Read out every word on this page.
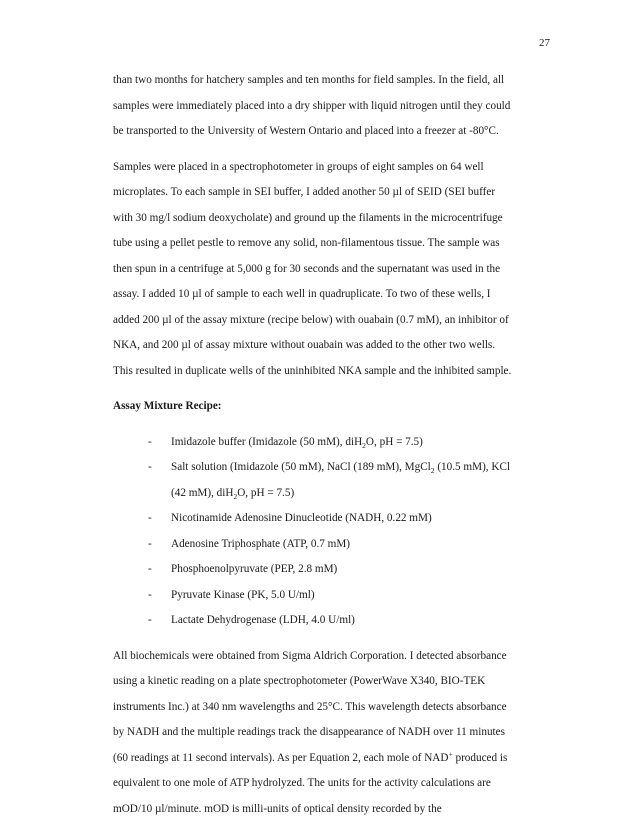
27

than two months for hatchery samples and ten months for field samples. In the field, all

samples were immediately placed into a dry shipper with liquid nitrogen until they could

be transported to the University of Western Ontario and placed into a freezer at -80°C.

Samples were placed in a spectrophotometer in groups of eight samples on 64 well

microplates. To each sample in SEI buffer, I added another 50 µl of SEID (SEI buffer

with 30 mg/l sodium deoxycholate) and ground up the filaments in the microcentrifuge

tube using a pellet pestle to remove any solid, non-filamentous tissue. The sample was

then spun in a centrifuge at 5,000 g for 30 seconds and the supernatant was used in the

assay. I added 10 µl of sample to each well in quadruplicate. To two of these wells, I

added 200 µl of the assay mixture (recipe below) with ouabain (0.7 mM), an inhibitor of

NKA, and 200 µl of assay mixture without ouabain was added to the other two wells.

This resulted in duplicate wells of the uninhibited NKA sample and the inhibited sample.

Assay Mixture Recipe:

- Imidazole buffer (Imidazole (50 mM), diH$_2$O, pH = 7.5)
- Salt solution (Imidazole (50 mM), NaCl (189 mM), MgCl$_2$ (10.5 mM), KCl
(42 mM), diH$_2$O, pH = 7.5)
- Nicotinamide Adenosine Dinucleotide (NADH, 0.22 mM)
- Adenosine Triphosphate (ATP, 0.7 mM)
- Phosphoenolpyruvate (PEP, 2.8 mM)
- Pyruvate Kinase (PK, 5.0 U/ml)
- Lactate Dehydrogenase (LDH, 4.0 U/ml)

All biochemicals were obtained from Sigma Aldrich Corporation. I detected absorbance

using a kinetic reading on a plate spectrophotometer (PowerWave X340, BIO-TEK

instruments Inc.) at 340 nm wavelengths and 25°C. This wavelength detects absorbance

by NADH and the multiple readings track the disappearance of NADH over 11 minutes

(60 readings at 11 second intervals). As per Equation 2, each mole of NAD+ produced is

equivalent to one mole of ATP hydrolyzed. The units for the activity calculations are

mOD/10 µl/minute. mOD is milli-units of optical density recorded by the
